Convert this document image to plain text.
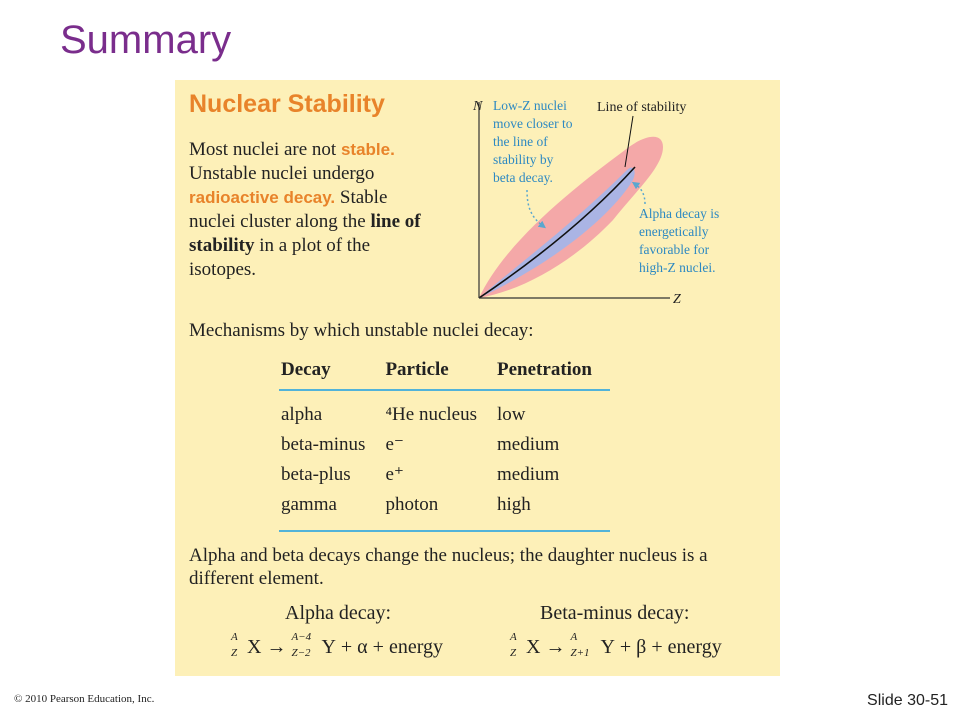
Summary
Nuclear Stability
Most nuclei are not stable. Unstable nuclei undergo radioactive decay. Stable nuclei cluster along the line of stability in a plot of the isotopes.
N
Z
Line of stability
Low-Z nuclei move closer to the line of stability by beta decay.
Alpha decay is energetically favorable for high-Z nuclei.
Mechanisms by which unstable nuclei decay:
Decay	Particle	Penetration
alpha	⁴He nucleus	low
beta-minus	e⁻	medium
beta-plus	e⁺	medium
gamma	photon	high
Alpha and beta decays change the nucleus; the daughter nucleus is a different element.
Alpha decay:	Beta-minus decay:
A
Z X → A−4
Z−2 Y + α + energy	A
Z X → A
Z+1 Y + β + energy
© 2010 Pearson Education, Inc.	Slide 30-51
